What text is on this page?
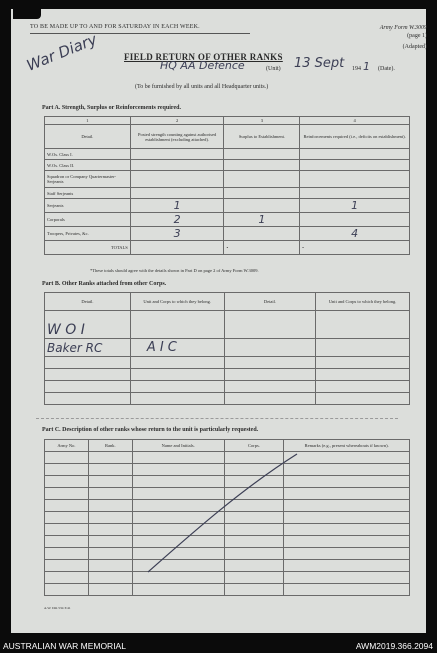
TO BE MADE UP TO AND FOR SATURDAY IN EACH WEEK.	Army Form W.3009
(page 1)
(Adapted)
War Diary	FIELD RETURN OF OTHER RANKS
HQ AA Defence	(Unit) 13 Sept 194 1 (Date).
(To be furnished by all units and all Headquarter units.)
Part A. Strength, Surplus or Reinforcements required.
1	2	3	4
Detail.	Posted strength counting against authorised establishment (excluding attached).	Surplus to Establishment.	Reinforcements required (i.e., deficits on establishment).
W.Os. Class I.			
W.Os. Class II.			
Squadron or Company Quartermaster-Serjeants			
Staff Serjeants			
Serjeants	1		1
Corporals	2	1	
Troopers, Privates, &c.	3		4
TOTALS		•	•
*These totals should agree with the details shown in Part D on page 2 of Army Form W.3009.
Part B. Other Ranks attached from other Corps.
Detail.	Unit and Corps to which they belong.	Detail.	Unit and Corps to which they belong.
W O I			
Baker RC	A I C		

Part C. Description of other ranks whose return to the unit is particularly requested.
Army No.	Rank.	Name and Initials.	Corps.	Remarks (e.g., present whereabouts if known).

A.W. Dm 534 3/41
AUSTRALIAN WAR MEMORIAL	AWM2019.366.2094
